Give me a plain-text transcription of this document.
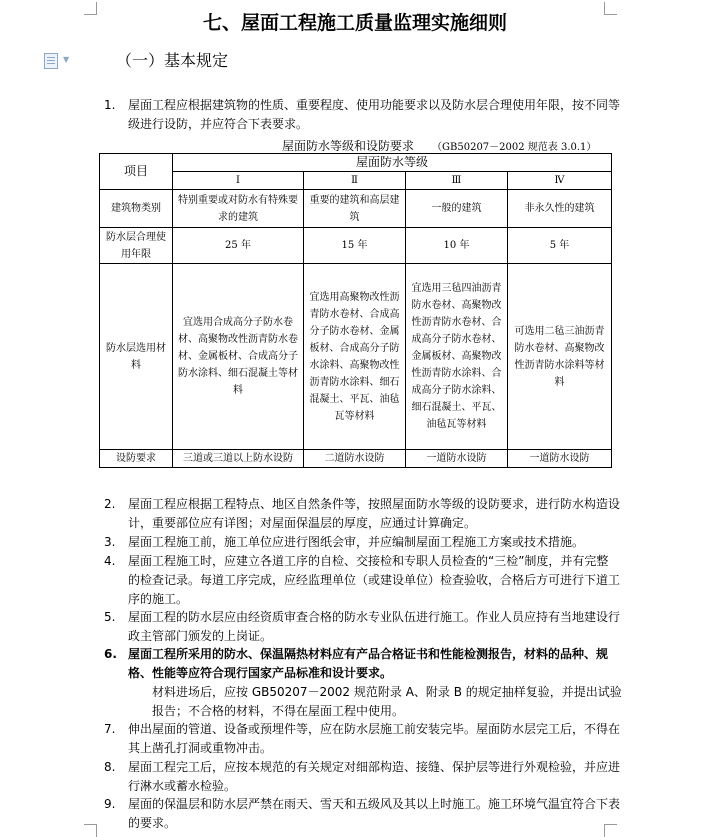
七、屋面工程施工质量监理实施细则
▼	（一）基本规定
1. 屋面工程应根据建筑物的性质、重要程度、使用功能要求以及防水层合理使用年限，按不同等级进行设防，并应符合下表要求。
屋面防水等级和设防要求 （GB50207－2002 规范表 3.0.1）
项目	屋面防水等级			
	Ⅰ	Ⅱ	Ⅲ	Ⅳ
建筑物类别	特别重要或对防水有特殊要求的建筑	重要的建筑和高层建筑	一般的建筑	非永久性的建筑
防水层合理使用年限	25 年	15 年	10 年	5 年
防水层选用材料	宜选用合成高分子防水卷材、高聚物改性沥青防水卷材、金属板材、合成高分子防水涂料、细石混凝土等材料	宜选用高聚物改性沥青防水卷材、合成高分子防水卷材、金属板材、合成高分子防水涂料、高聚物改性沥青防水涂料、细石混凝土、平瓦、油毡瓦等材料	宜选用三毡四油沥青防水卷材、高聚物改性沥青防水卷材、合成高分子防水卷材、金属板材、高聚物改性沥青防水涂料、合成高分子防水涂料、细石混凝土、平瓦、油毡瓦等材料	可选用二毡三油沥青防水卷材、高聚物改性沥青防水涂料等材料
设防要求	三道或三道以上防水设防	二道防水设防	一道防水设防	一道防水设防
2. 屋面工程应根据工程特点、地区自然条件等，按照屋面防水等级的设防要求，进行防水构造设计，重要部位应有详图；对屋面保温层的厚度，应通过计算确定。
3. 屋面工程施工前，施工单位应进行图纸会审，并应编制屋面工程施工方案或技术措施。
4. 屋面工程施工时，应建立各道工序的自检、交接检和专职人员检查的“三检”制度，并有完整的检查记录。每道工序完成，应经监理单位（或建设单位）检查验收，合格后方可进行下道工序的施工。
5. 屋面工程的防水层应由经资质审查合格的防水专业队伍进行施工。作业人员应持有当地建设行政主管部门颁发的上岗证。
6. 屋面工程所采用的防水、保温隔热材料应有产品合格证书和性能检测报告，材料的品种、规格、性能等应符合现行国家产品标准和设计要求。
材料进场后，应按 GB50207－2002 规范附录 A、附录 B 的规定抽样复验，并提出试验报告；不合格的材料，不得在屋面工程中使用。
7. 伸出屋面的管道、设备或预埋件等，应在防水层施工前安装完毕。屋面防水层完工后，不得在其上凿孔打洞或重物冲击。
8. 屋面工程完工后，应按本规范的有关规定对细部构造、接缝、保护层等进行外观检验，并应进行淋水或蓄水检验。
9. 屋面的保温层和防水层严禁在雨天、雪天和五级风及其以上时施工。施工环境气温宜符合下表的要求。
